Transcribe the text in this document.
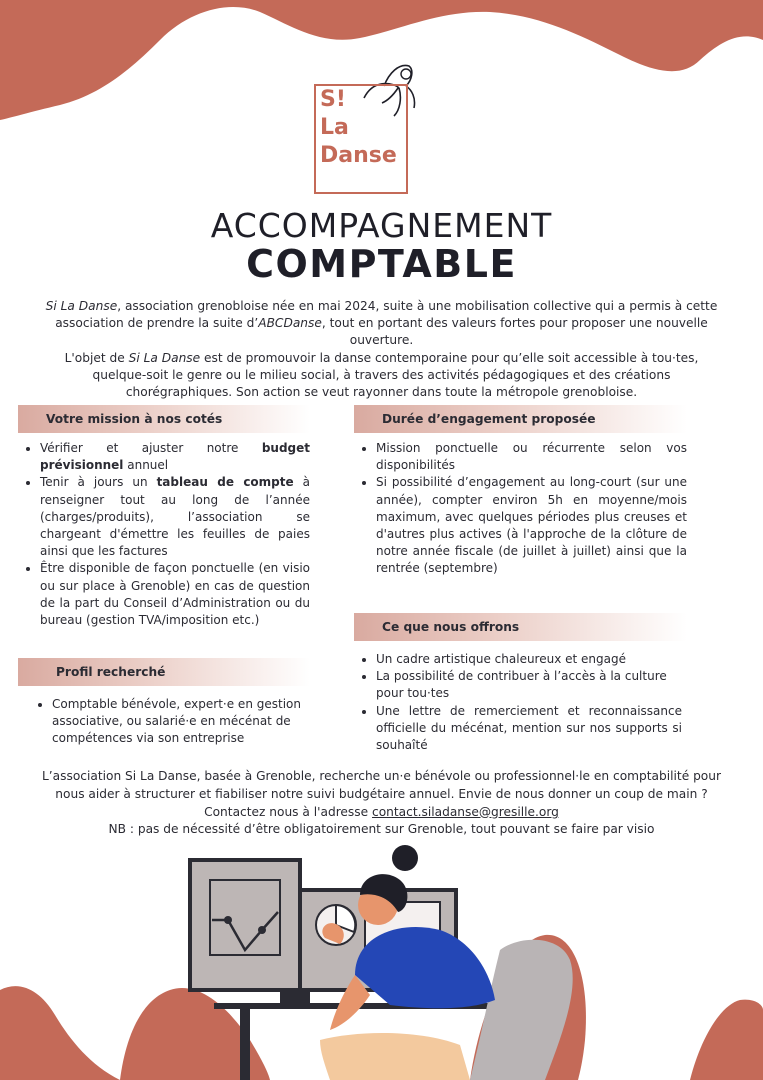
S!
La
Danse
ACCOMPAGNEMENT
COMPTABLE

Si La Danse, association grenobloise née en mai 2024, suite à une mobilisation collective qui a permis à cette association de prendre la suite d’ABCDanse, tout en portant des valeurs fortes pour proposer une nouvelle ouverture.

L'objet de Si La Danse est de promouvoir la danse contemporaine pour qu’elle soit accessible à tou·tes, quelque-soit le genre ou le milieu social, à travers des activités pédagogiques et des créations chorégraphiques. Son action se veut rayonner dans toute la métropole grenobloise.

Votre mission à nos cotés
• Vérifier et ajuster notre budget prévisionnel annuel
• Tenir à jours un tableau de compte à renseigner tout au long de l’année (charges/produits), l’association se chargeant d'émettre les feuilles de paies ainsi que les factures
• Être disponible de façon ponctuelle (en visio ou sur place à Grenoble) en cas de question de la part du Conseil d’Administration ou du bureau (gestion TVA/imposition etc.)
Profil recherché
• Comptable bénévole, expert·e en gestion associative, ou salarié·e en mécénat de compétences via son entreprise
Durée d’engagement proposée
• Mission ponctuelle ou récurrente selon vos disponibilités
• Si possibilité d’engagement au long-court (sur une année), compter environ 5h en moyenne/mois maximum, avec quelques périodes plus creuses et d'autres plus actives (à l'approche de la clôture de notre année fiscale (de juillet à juillet) ainsi que la rentrée (septembre)
Ce que nous offrons
• Un cadre artistique chaleureux et engagé
• La possibilité de contribuer à l’accès à la culture pour tou·tes
• Une lettre de remerciement et reconnaissance officielle du mécénat, mention sur nos supports si souhaîté

L’association Si La Danse, basée à Grenoble, recherche un·e bénévole ou professionnel·le en comptabilité pour nous aider à structurer et fiabiliser notre suivi budgétaire annuel. Envie de nous donner un coup de main ? Contactez nous à l'adresse contact.siladanse@gresille.org

NB : pas de nécessité d’être obligatoirement sur Grenoble, tout pouvant se faire par visio
